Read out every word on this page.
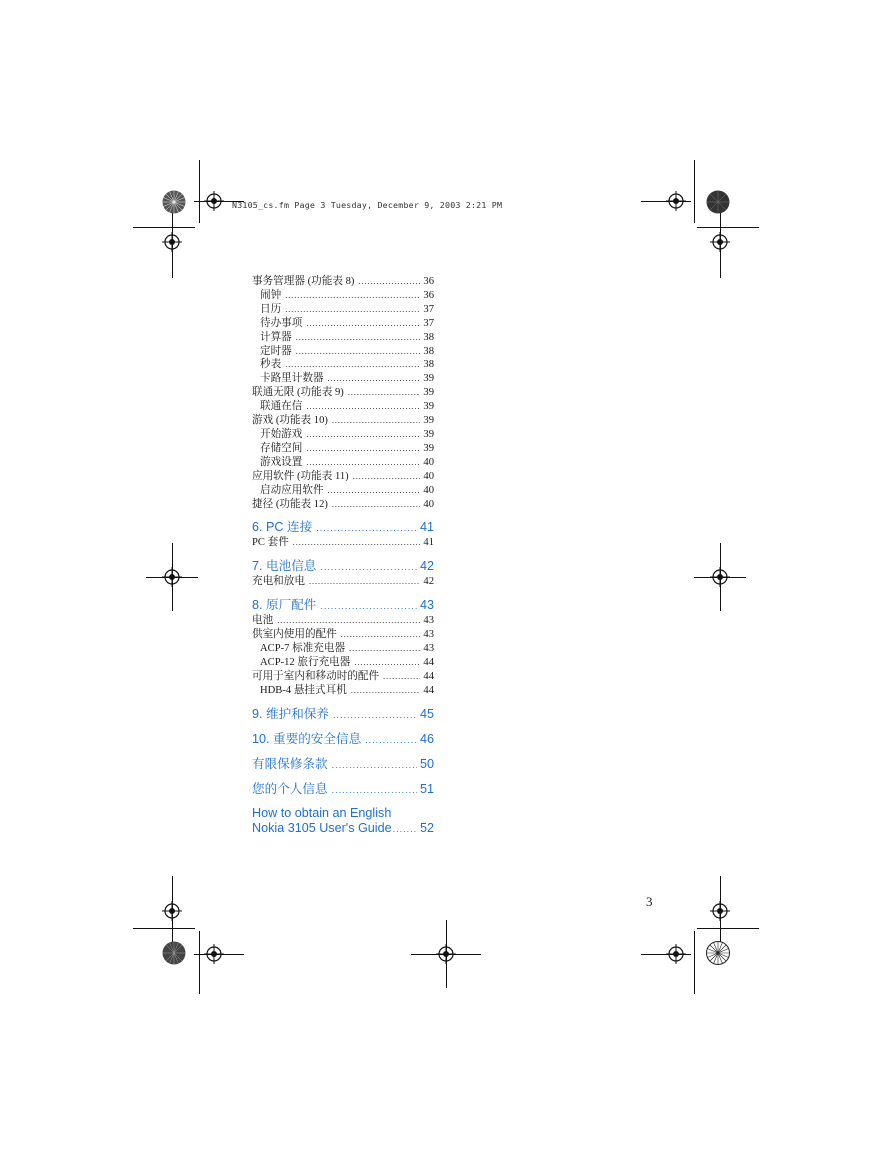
N3105_cs.fm Page 3 Tuesday, December 9, 2003 2:21 PM
事务管理器 (功能表 8) .....	36
闹钟 .....	36
日历 .....	37
待办事项 .....	37
计算器 .....	38
定时器 .....	38
秒表 .....	38
卡路里计数器 .....	39
联通无限 (功能表 9) .....	39
联通在信 .....	39
游戏 (功能表 10) .....	39
开始游戏 .....	39
存储空间 .....	39
游戏设置 .....	40
应用软件 (功能表 11) .....	40
启动应用软件 .....	40
捷径 (功能表 12) .....	40
6. PC 连接 .....	41
PC 套件 .....	41
7. 电池信息 .....	42
充电和放电 .....	42
8. 原厂配件 .....	43
电池 .....	43
供室内使用的配件 .....	43
ACP-7 标准充电器 .....	43
ACP-12 旅行充电器 .....	44
可用于室内和移动时的配件 .....	44
HDB-4 悬挂式耳机 .....	44
9. 维护和保养 .....	45
10. 重要的安全信息 .....	46
有限保修条款 .....	50
您的个人信息 .....	51
How to obtain an English
Nokia 3105 User's Guide ..... 52
3
